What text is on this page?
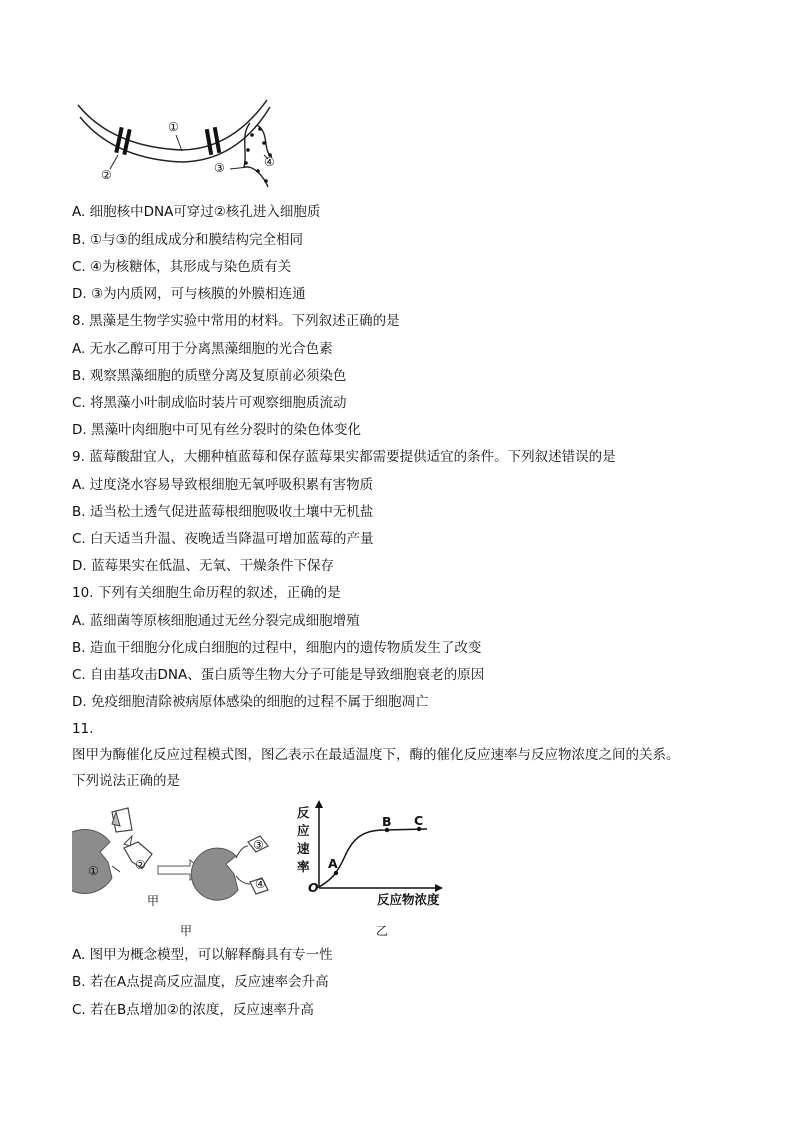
①
②	③	④
A. 细胞核中DNA可穿过②核孔进入细胞质
B. ①与③的组成成分和膜结构完全相同
C. ④为核糖体，其形成与染色质有关
D. ③为内质网，可与核膜的外膜相连通
8. 黑藻是生物学实验中常用的材料。下列叙述正确的是
A. 无水乙醇可用于分离黑藻细胞的光合色素
B. 观察黑藻细胞的质壁分离及复原前必须染色
C. 将黑藻小叶制成临时装片可观察细胞质流动
D. 黑藻叶肉细胞中可见有丝分裂时的染色体变化
9. 蓝莓酸甜宜人，大棚种植蓝莓和保存蓝莓果实都需要提供适宜的条件。下列叙述错误的是
A. 过度浇水容易导致根细胞无氧呼吸积累有害物质
B. 适当松土透气促进蓝莓根细胞吸收土壤中无机盐
C. 白天适当升温、夜晚适当降温可增加蓝莓的产量
D. 蓝莓果实在低温、无氧、干燥条件下保存
10. 下列有关细胞生命历程的叙述，正确的是
A. 蓝细菌等原核细胞通过无丝分裂完成细胞增殖
B. 造血干细胞分化成白细胞的过程中，细胞内的遗传物质发生了改变
C. 自由基攻击DNA、蛋白质等生物大分子可能是导致细胞衰老的原因
D. 免疫细胞清除被病原体感染的细胞的过程不属于细胞凋亡
11.
图甲为酶催化反应过程模式图，图乙表示在最适温度下，酶的催化反应速率与反应物浓度之间的关系。
下列说法正确的是
①	②
③
④
甲
甲
反
应
速
率
O
反应物浓度
A
B C
乙
A. 图甲为概念模型，可以解释酶具有专一性
B. 若在A点提高反应温度，反应速率会升高
C. 若在B点增加②的浓度，反应速率升高
